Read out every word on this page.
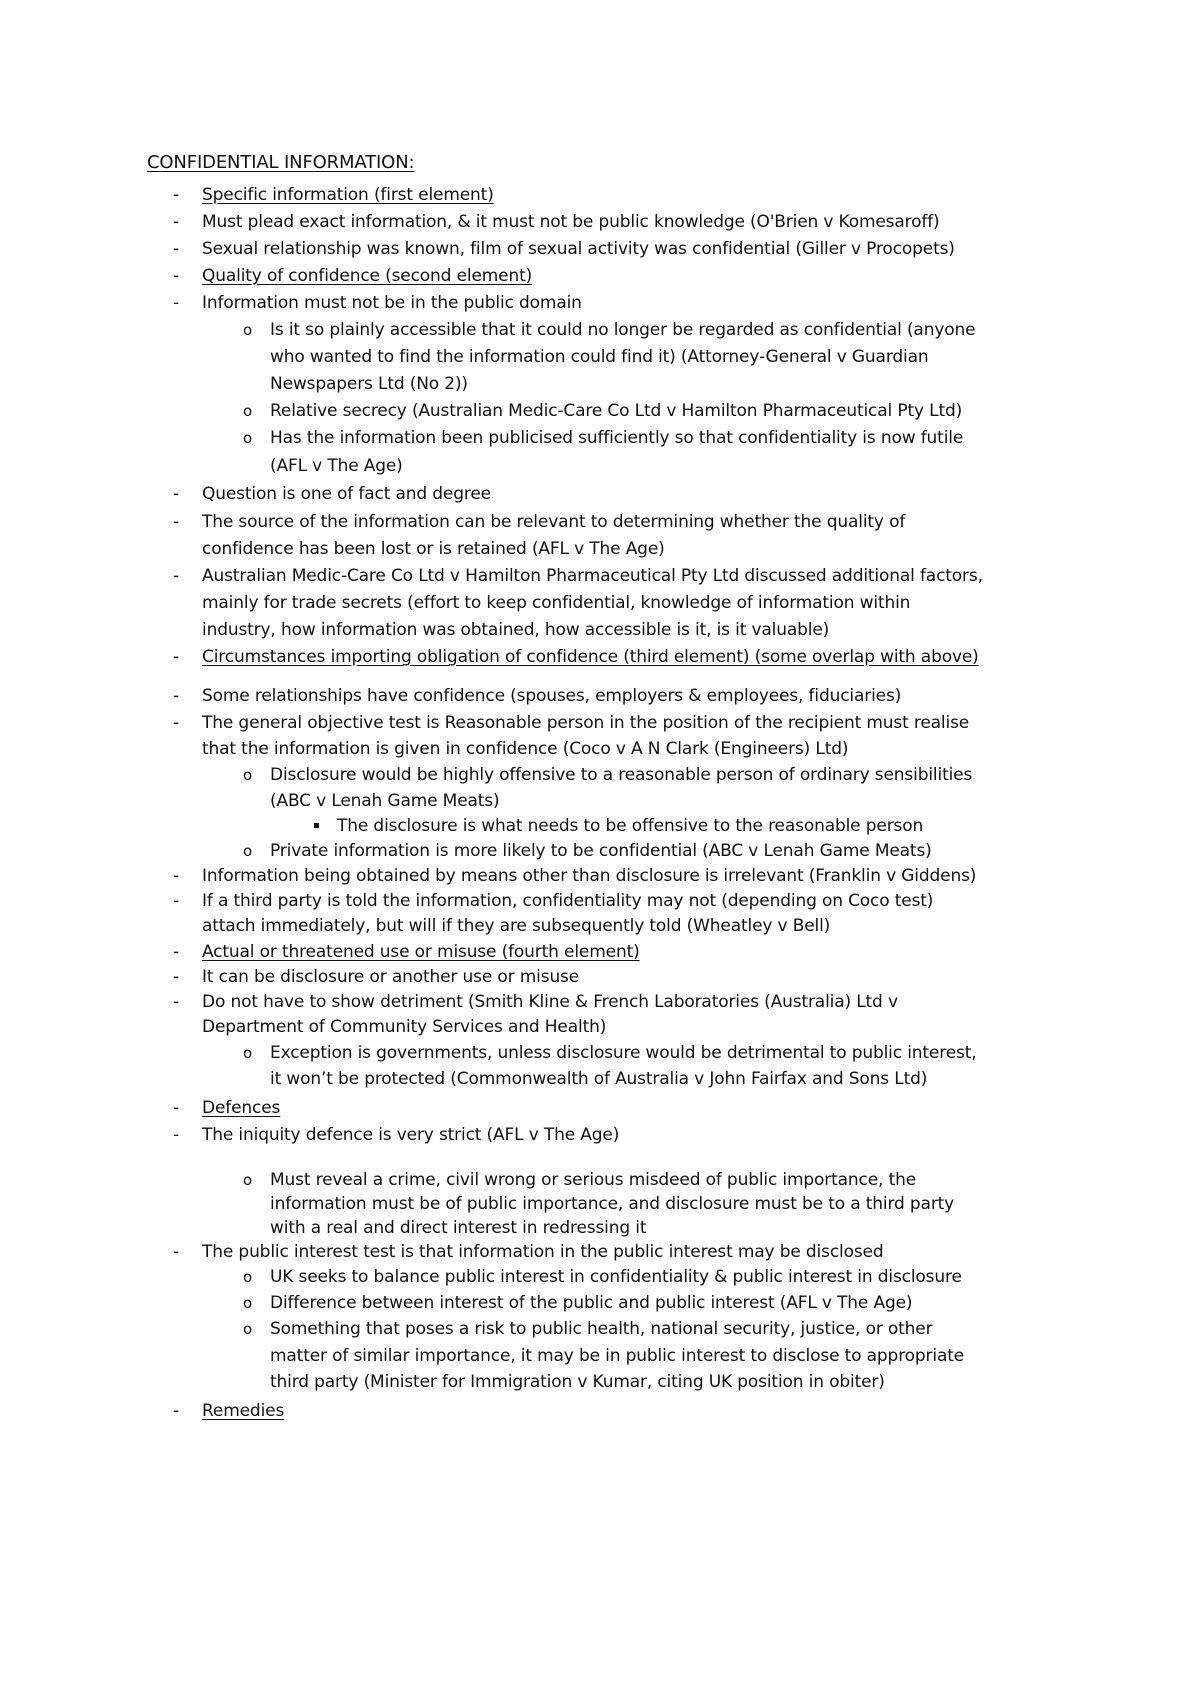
CONFIDENTIAL INFORMATION:
- Specific information (first element)
- Must plead exact information, & it must not be public knowledge (O'Brien v Komesaroff)
- Sexual relationship was known, film of sexual activity was confidential (Giller v Procopets)
- Quality of confidence (second element)
- Information must not be in the public domain
o Is it so plainly accessible that it could no longer be regarded as confidential (anyone
who wanted to find the information could find it) (Attorney-General v Guardian
Newspapers Ltd (No 2))
o Relative secrecy (Australian Medic-Care Co Ltd v Hamilton Pharmaceutical Pty Ltd)
o Has the information been publicised sufficiently so that confidentiality is now futile
(AFL v The Age)
- Question is one of fact and degree
- The source of the information can be relevant to determining whether the quality of
confidence has been lost or is retained (AFL v The Age)
- Australian Medic-Care Co Ltd v Hamilton Pharmaceutical Pty Ltd discussed additional factors,
mainly for trade secrets (effort to keep confidential, knowledge of information within
industry, how information was obtained, how accessible is it, is it valuable)
- Circumstances importing obligation of confidence (third element) (some overlap with above)
- Some relationships have confidence (spouses, employers & employees, fiduciaries)
- The general objective test is Reasonable person in the position of the recipient must realise
that the information is given in confidence (Coco v A N Clark (Engineers) Ltd)
o Disclosure would be highly offensive to a reasonable person of ordinary sensibilities
(ABC v Lenah Game Meats)
The disclosure is what needs to be offensive to the reasonable person
o Private information is more likely to be confidential (ABC v Lenah Game Meats)
- Information being obtained by means other than disclosure is irrelevant (Franklin v Giddens)
- If a third party is told the information, confidentiality may not (depending on Coco test)
attach immediately, but will if they are subsequently told (Wheatley v Bell)
- Actual or threatened use or misuse (fourth element)
- It can be disclosure or another use or misuse
- Do not have to show detriment (Smith Kline & French Laboratories (Australia) Ltd v
Department of Community Services and Health)
o Exception is governments, unless disclosure would be detrimental to public interest,
it won’t be protected (Commonwealth of Australia v John Fairfax and Sons Ltd)
- Defences
- The iniquity defence is very strict (AFL v The Age)
o Must reveal a crime, civil wrong or serious misdeed of public importance, the
information must be of public importance, and disclosure must be to a third party
with a real and direct interest in redressing it
- The public interest test is that information in the public interest may be disclosed
o UK seeks to balance public interest in confidentiality & public interest in disclosure
o Difference between interest of the public and public interest (AFL v The Age)
o Something that poses a risk to public health, national security, justice, or other
matter of similar importance, it may be in public interest to disclose to appropriate
third party (Minister for Immigration v Kumar, citing UK position in obiter)
- Remedies
